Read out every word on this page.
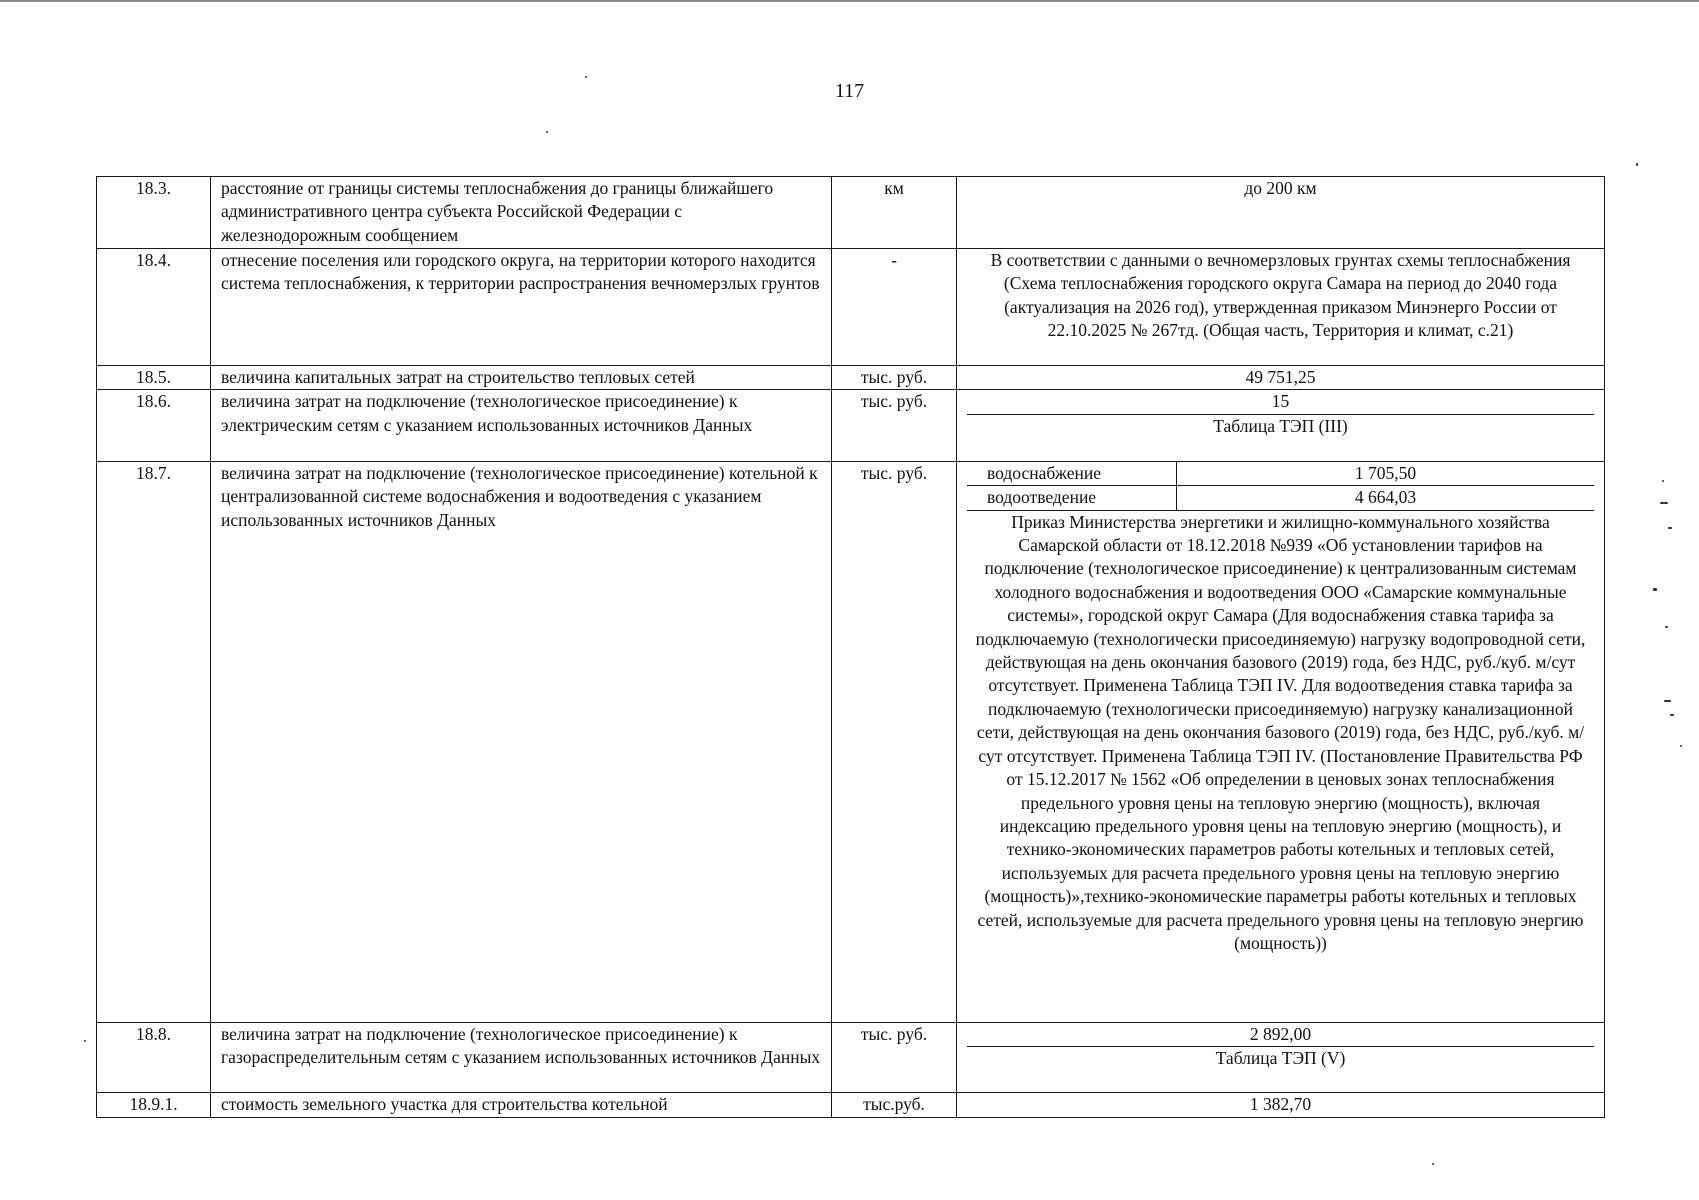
117
18.3.	расстояние от границы системы теплоснабжения до границы ближайшего административного центра субъекта Российской Федерации с железнодорожным сообщением	км	до 200 км

18.4.	отнесение поселения или городского округа, на территории которого находится система теплоснабжения, к территории распространения вечномерзлых грунтов	-	В соответствии с данными о вечномерзловых грунтах схемы теплоснабжения (Схема теплоснабжения городского округа Самара на период до 2040 года (актуализация на 2026 год), утвержденная приказом Минэнерго России от 22.10.2025 № 267тд. (Общая часть, Территория и климат, с.21)

18.5.	величина капитальных затрат на строительство тепловых сетей	тыс. руб.	49 751,25

18.6.	величина затрат на подключение (технологическое присоединение) к электрическим сетям с указанием использованных источников Данных	тыс. руб.	15
Таблица ТЭП (III)

18.7.	величина затрат на подключение (технологическое присоединение) котельной к централизованной системе водоснабжения и водоотведения с указанием использованных источников Данных	тыс. руб.	водоснабжение 1 705,50
водоотведение 4 664,03
Приказ Министерства энергетики и жилищно-коммунального хозяйства Самарской области от 18.12.2018 №939 «Об установлении тарифов на подключение (технологическое присоединение) к централизованным системам холодного водоснабжения и водоотведения ООО «Самарские коммунальные системы», городской округ Самара (Для водоснабжения ставка тарифа за подключаемую (технологически присоединяемую) нагрузку водопроводной сети, действующая на день окончания базового (2019) года, без НДС, руб./куб. м/сут отсутствует. Применена Таблица ТЭП IV. Для водоотведения ставка тарифа за подключаемую (технологически присоединяемую) нагрузку канализационной сети, действующая на день окончания базового (2019) года, без НДС, руб./куб. м/сут отсутствует. Применена Таблица ТЭП IV. (Постановление Правительства РФ от 15.12.2017 № 1562 «Об определении в ценовых зонах теплоснабжения предельного уровня цены на тепловую энергию (мощность), включая индексацию предельного уровня цены на тепловую энергию (мощность), и технико-экономических параметров работы котельных и тепловых сетей, используемых для расчета предельного уровня цены на тепловую энергию (мощность)»,технико-экономические параметры работы котельных и тепловых сетей, используемые для расчета предельного уровня цены на тепловую энергию (мощность))

18.8.	величина затрат на подключение (технологическое присоединение) к газораспределительным сетям с указанием использованных источников Данных	тыс. руб.	2 892,00
Таблица ТЭП (V)

18.9.1.	стоимость земельного участка для строительства котельной	тыс.руб.	1 382,70
